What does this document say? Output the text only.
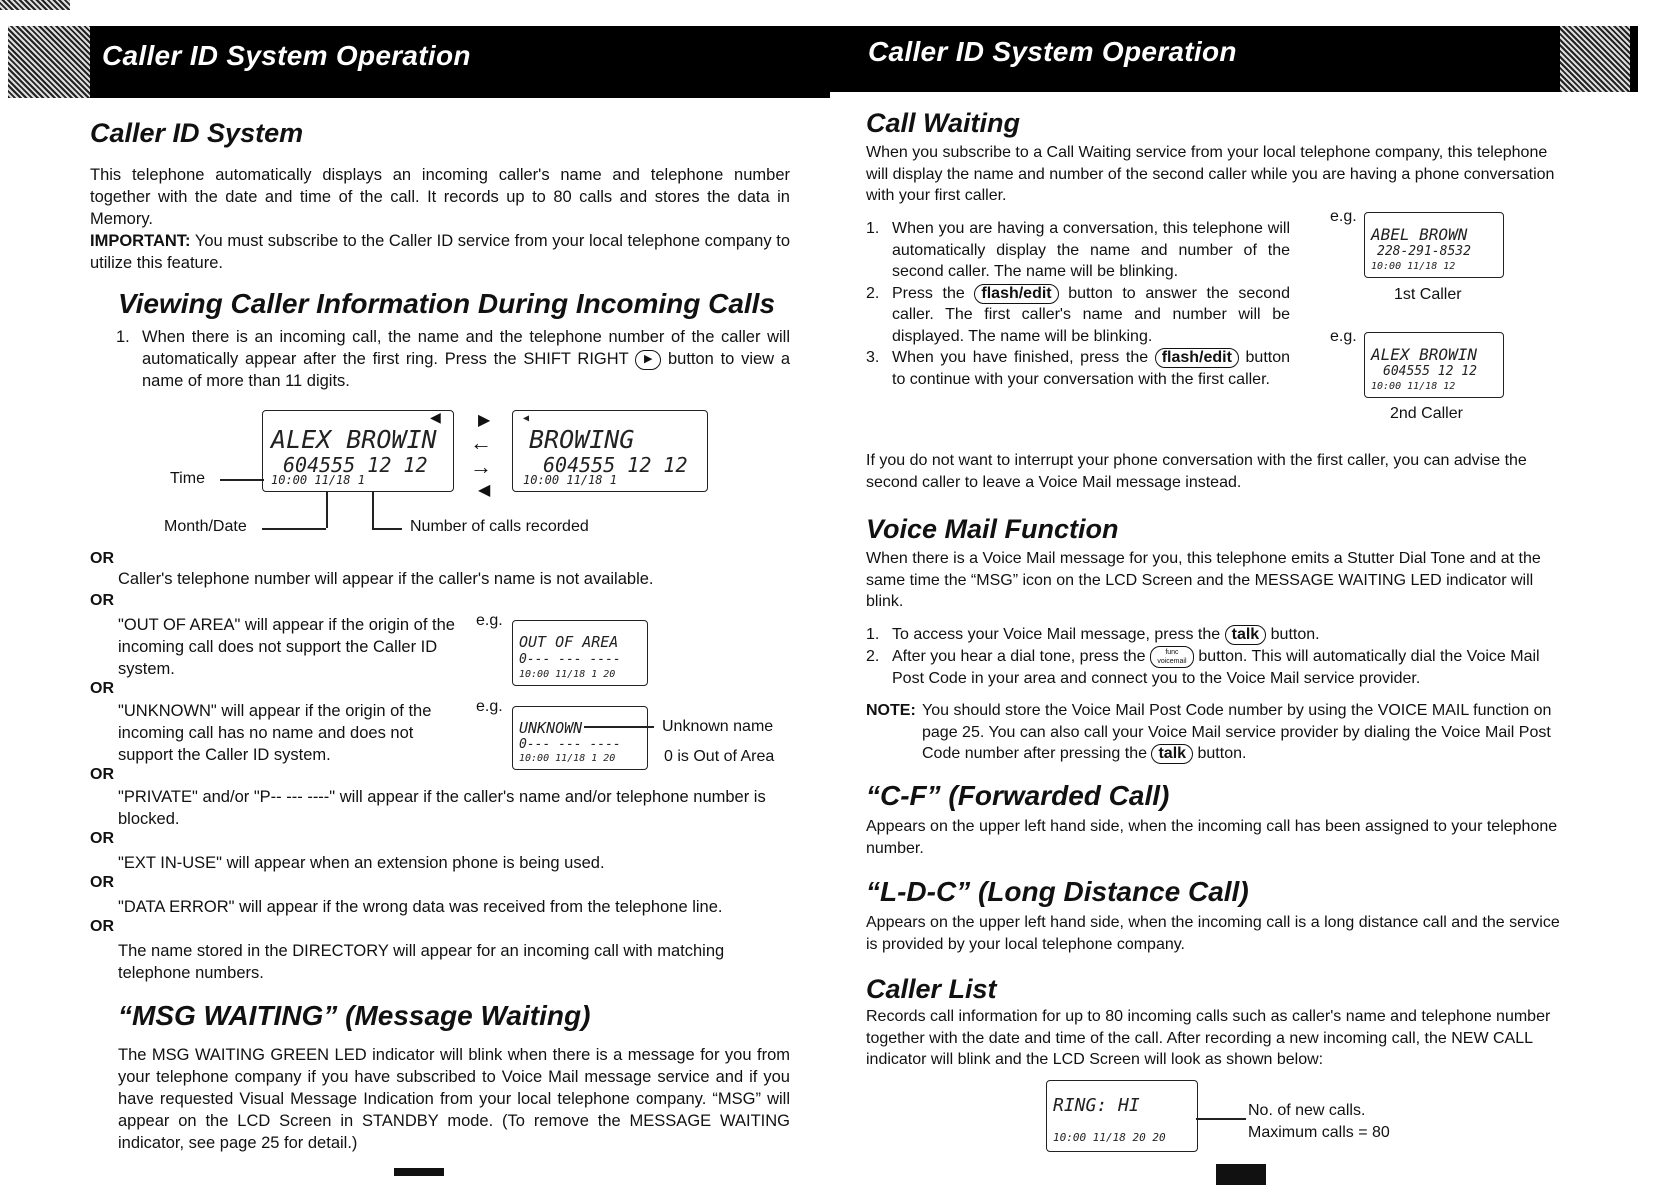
Caller ID System Operation	Caller ID System Operation
Caller ID System

This telephone automatically displays an incoming caller's name and telephone number together with the date and time of the call. It records up to 80 calls and stores the data in Memory.

IMPORTANT: You must subscribe to the Caller ID service from your local telephone company to utilize this feature.

Viewing Caller Information During Incoming Calls
1. When there is an incoming call, the name and the telephone number of the caller will automatically appear after the first ring. Press the SHIFT RIGHT ▶ button to view a name of more than 11 digits.
ALEX BROWIN
604555 12 12
10:00 11/18 1
◀ ▶
←
→
◀
◀
BROWING
604555 12 12
10:00 11/18 1
Time
Month/Date	Number of calls recorded
OR
Caller's telephone number will appear if the caller's name is not available.
OR
"OUT OF AREA" will appear if the origin of the incoming call does not support the Caller ID system.
e.g.
OUT OF AREA
0--- --- ----
10:00 11/18 1 20
OR
"UNKNOWN" will appear if the origin of the incoming call has no name and does not support the Caller ID system.
e.g.
UNKNOWN
0--- --- ----
10:00 11/18 1 20
Unknown name
0 is Out of Area
OR
"PRIVATE" and/or "P-- --- ----" will appear if the caller's name and/or telephone number is blocked.
OR
"EXT IN-USE" will appear when an extension phone is being used.
OR
"DATA ERROR" will appear if the wrong data was received from the telephone line.
OR
The name stored in the DIRECTORY will appear for an incoming call with matching telephone numbers.
“MSG WAITING” (Message Waiting)
The MSG WAITING GREEN LED indicator will blink when there is a message for you from your telephone company if you have subscribed to Voice Mail message service and if you have requested Visual Message Indication from your local telephone company. “MSG” will appear on the LCD Screen in STANDBY mode. (To remove the MESSAGE WAITING indicator, see page 25 for detail.)
Call Waiting
When you subscribe to a Call Waiting service from your local telephone company, this telephone will display the name and number of the second caller while you are having a phone conversation with your first caller.
1. When you are having a conversation, this telephone will automatically display the name and number of the second caller. The name will be blinking.
2. Press the flash/edit button to answer the second caller. The first caller's name and number will be displayed. The name will be blinking.
3. When you have finished, press the flash/edit button to continue with your conversation with the first caller.
e.g.
ABEL BROWN
228-291-8532
10:00 11/18 12
1st Caller
e.g.
ALEX BROWIN
604555 12 12
10:00 11/18 12
2nd Caller
If you do not want to interrupt your phone conversation with the first caller, you can advise the second caller to leave a Voice Mail message instead.
Voice Mail Function
When there is a Voice Mail message for you, this telephone emits a Stutter Dial Tone and at the same time the “MSG” icon on the LCD Screen and the MESSAGE WAITING LED indicator will blink.
1. To access your Voice Mail message, press the talk button.
2. After you hear a dial tone, press the	func voicemail button. This will automatically dial the Voice Mail Post Code in your area and connect you to the Voice Mail service provider.
NOTE: You should store the Voice Mail Post Code number by using the VOICE MAIL function on page 25. You can also call your Voice Mail service provider by dialing the Voice Mail Post Code number after pressing the talk button.
“C-F” (Forwarded Call)
Appears on the upper left hand side, when the incoming call has been assigned to your telephone number.
“L-D-C” (Long Distance Call)
Appears on the upper left hand side, when the incoming call is a long distance call and the service is provided by your local telephone company.
Caller List
Records call information for up to 80 incoming calls such as caller's name and telephone number together with the date and time of the call. After recording a new incoming call, the NEW CALL indicator will blink and the LCD Screen will look as shown below:
RING: HI
10:00 11/18 20 20
No. of new calls.
Maximum calls = 80
